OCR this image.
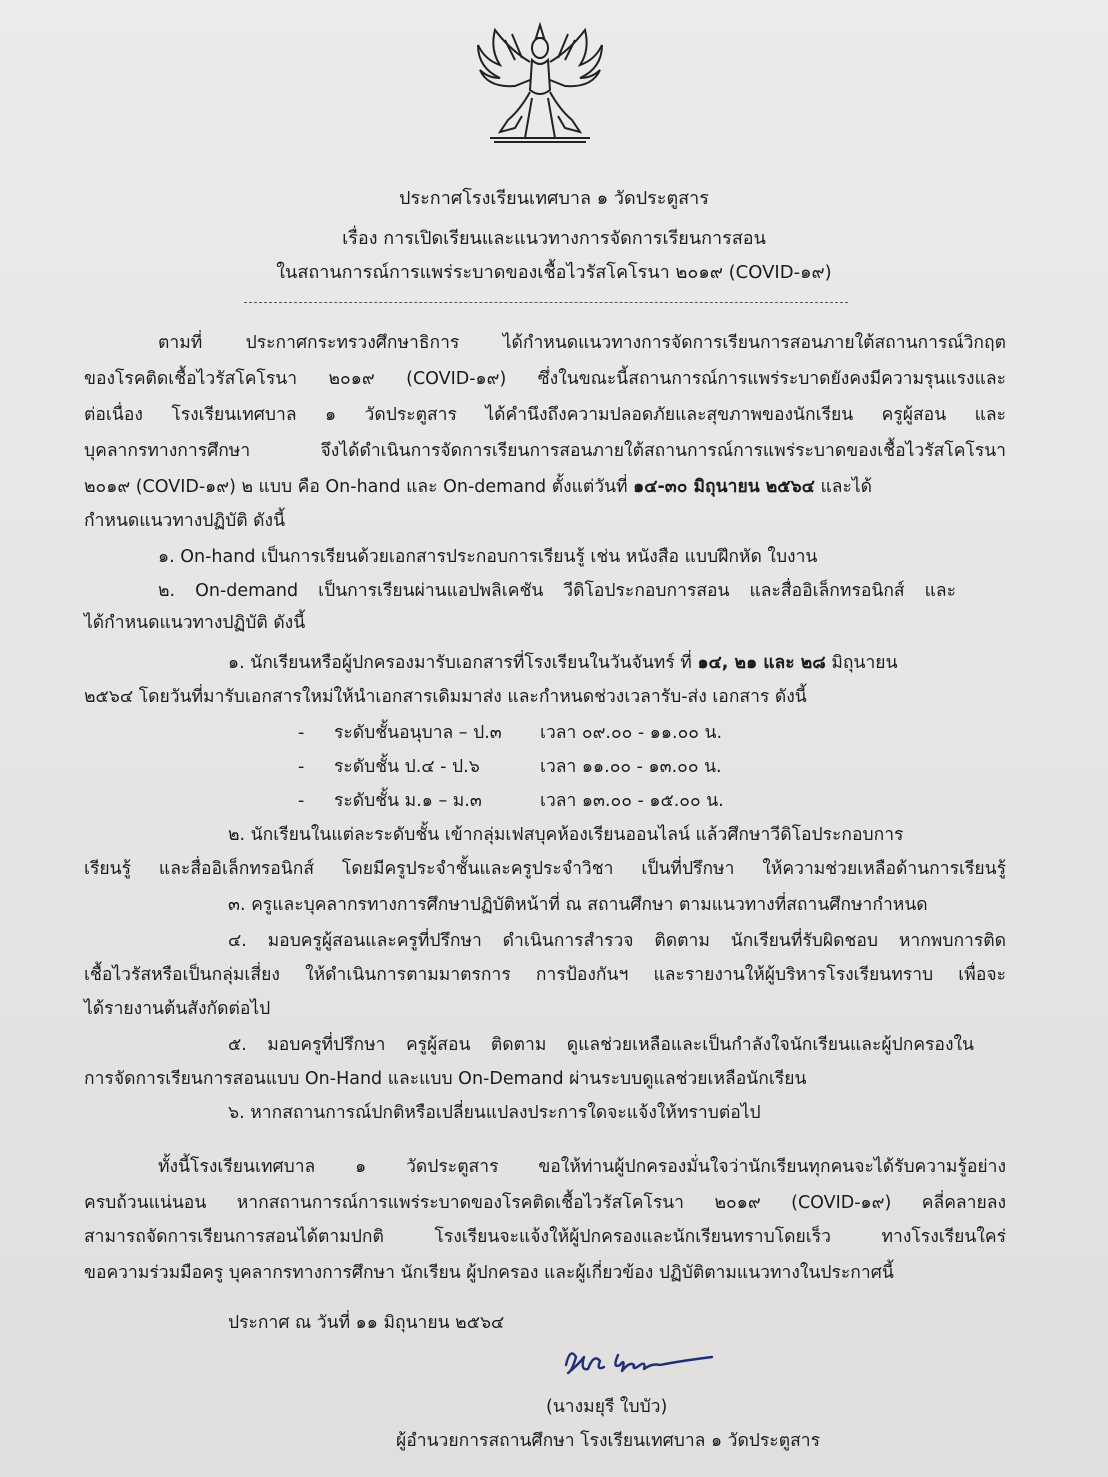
ประกาศโรงเรียนเทศบาล ๑ วัดประตูสาร
เรื่อง การเปิดเรียนและแนวทางการจัดการเรียนการสอน
ในสถานการณ์การแพร่ระบาดของเชื้อไวรัสโคโรนา ๒๐๑๙ (COVID-๑๙)
ตามที่ ประกาศกระทรวงศึกษาธิการ ได้กำหนดแนวทางการจัดการเรียนการสอนภายใต้สถานการณ์วิกฤต
ของโรคติดเชื้อไวรัสโคโรนา ๒๐๑๙ (COVID-๑๙) ซึ่งในขณะนี้สถานการณ์การแพร่ระบาดยังคงมีความรุนแรงและ
ต่อเนื่อง โรงเรียนเทศบาล ๑ วัดประตูสาร ได้คำนึงถึงความปลอดภัยและสุขภาพของนักเรียน ครูผู้สอน และ
บุคลากรทางการศึกษา จึงได้ดำเนินการจัดการเรียนการสอนภายใต้สถานการณ์การแพร่ระบาดของเชื้อไวรัสโคโรนา
๒๐๑๙ (COVID-๑๙) ๒ แบบ คือ On-hand และ On-demand ตั้งแต่วันที่ ๑๔-๓๐ มิถุนายน ๒๕๖๔ และได้
กำหนดแนวทางปฏิบัติ ดังนี้
๑. On-hand เป็นการเรียนด้วยเอกสารประกอบการเรียนรู้ เช่น หนังสือ แบบฝึกหัด ใบงาน
๒. On-demand เป็นการเรียนผ่านแอปพลิเคชัน วีดิโอประกอบการสอน และสื่ออิเล็กทรอนิกส์ และ
ได้กำหนดแนวทางปฏิบัติ ดังนี้
๑. นักเรียนหรือผู้ปกครองมารับเอกสารที่โรงเรียนในวันจันทร์ ที่ ๑๔, ๒๑ และ ๒๘ มิถุนายน
๒๕๖๔ โดยวันที่มารับเอกสารใหม่ให้นำเอกสารเดิมมาส่ง และกำหนดช่วงเวลารับ-ส่ง เอกสาร ดังนี้
- ระดับชั้นอนุบาล – ป.๓ เวลา ๐๙.๐๐ - ๑๑.๐๐ น.
- ระดับชั้น ป.๔ - ป.๖	เวลา ๑๑.๐๐ - ๑๓.๐๐ น.
- ระดับชั้น ม.๑ – ม.๓	เวลา ๑๓.๐๐ - ๑๕.๐๐ น.
๒. นักเรียนในแต่ละระดับชั้น เข้ากลุ่มเฟสบุคห้องเรียนออนไลน์ แล้วศึกษาวีดิโอประกอบการ
เรียนรู้ และสื่ออิเล็กทรอนิกส์ โดยมีครูประจำชั้นและครูประจำวิชา เป็นที่ปรึกษา ให้ความช่วยเหลือด้านการเรียนรู้
๓. ครูและบุคลากรทางการศึกษาปฏิบัติหน้าที่ ณ สถานศึกษา ตามแนวทางที่สถานศึกษากำหนด
๔. มอบครูผู้สอนและครูที่ปรึกษา ดำเนินการสำรวจ ติดตาม นักเรียนที่รับผิดชอบ หากพบการติด
เชื้อไวรัสหรือเป็นกลุ่มเสี่ยง ให้ดำเนินการตามมาตรการ การป้องกันฯ และรายงานให้ผู้บริหารโรงเรียนทราบ เพื่อจะ
ได้รายงานต้นสังกัดต่อไป
๕. มอบครูที่ปรึกษา ครูผู้สอน ติดตาม ดูแลช่วยเหลือและเป็นกำลังใจนักเรียนและผู้ปกครองใน
การจัดการเรียนการสอนแบบ On-Hand และแบบ On-Demand ผ่านระบบดูแลช่วยเหลือนักเรียน
๖. หากสถานการณ์ปกติหรือเปลี่ยนแปลงประการใดจะแจ้งให้ทราบต่อไป
ทั้งนี้โรงเรียนเทศบาล ๑ วัดประตูสาร ขอให้ท่านผู้ปกครองมั่นใจว่านักเรียนทุกคนจะได้รับความรู้อย่าง
ครบถ้วนแน่นอน หากสถานการณ์การแพร่ระบาดของโรคติดเชื้อไวรัสโคโรนา ๒๐๑๙ (COVID-๑๙) คลี่คลายลง
สามารถจัดการเรียนการสอนได้ตามปกติ โรงเรียนจะแจ้งให้ผู้ปกครองและนักเรียนทราบโดยเร็ว ทางโรงเรียนใคร่
ขอความร่วมมือครู บุคลากรทางการศึกษา นักเรียน ผู้ปกครอง และผู้เกี่ยวข้อง ปฏิบัติตามแนวทางในประกาศนี้
ประกาศ ณ วันที่ ๑๑ มิถุนายน ๒๕๖๔
(นางมยุรี ใบบัว)
ผู้อำนวยการสถานศึกษา โรงเรียนเทศบาล ๑ วัดประตูสาร
